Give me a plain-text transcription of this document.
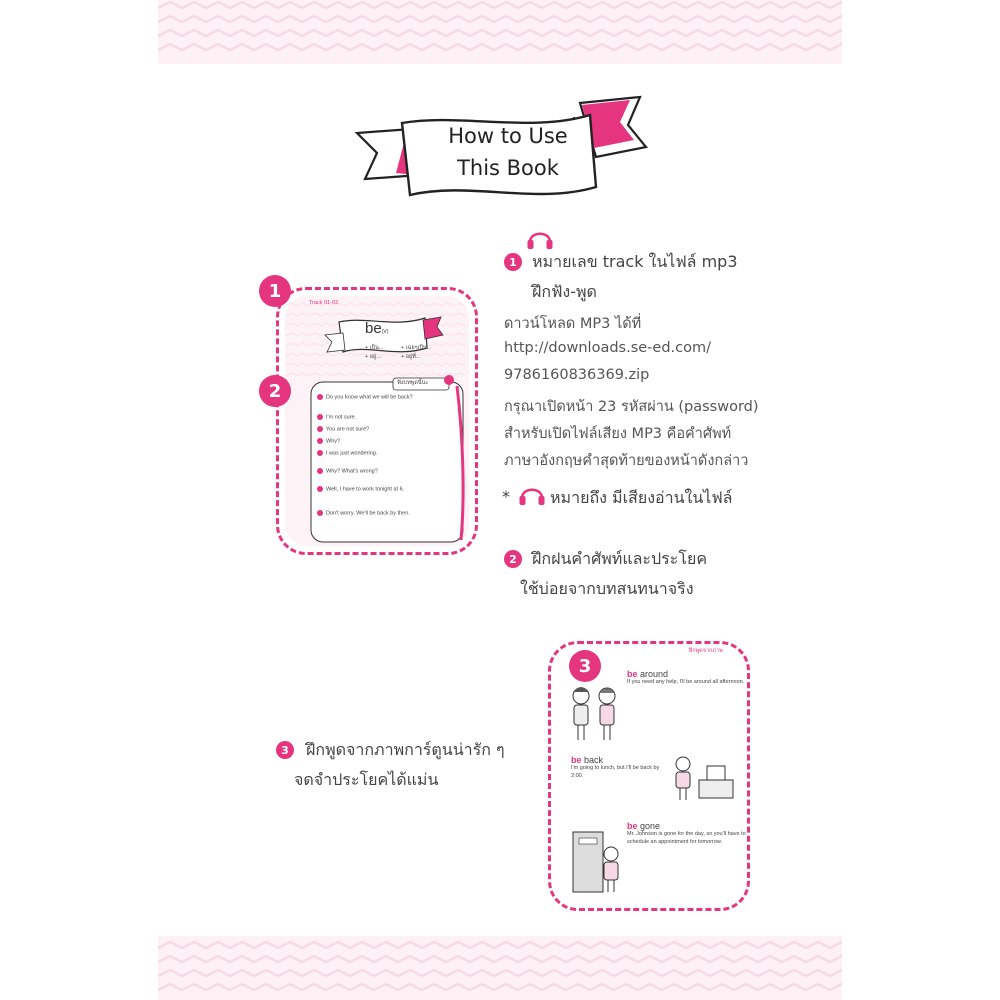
How to Use
This Book
1 หมายเลข track ในไฟล์ mp3
ฝึกฟัง-พูด
ดาวน์โหลด MP3 ได้ที่
http://downloads.se-ed.com/
9786160836369.zip
กรุณาเปิดหน้า 23 รหัสผ่าน (password)
สำหรับเปิดไฟล์เสียง MP3 คือคำศัพท์
ภาษาอังกฤษคำสุดท้ายของหน้าดังกล่าว
*	หมายถึง มีเสียงอ่านในไฟล์
2 ฝึกฝนคำศัพท์และประโยค
ใช้บ่อยจากบทสนทนาจริง
3	ฝึกพูดจากภาพการ์ตูนน่ารัก ๆ
จดจำประโยคได้แม่น
1
2
Track 01-02
be(V)
+ เป็น...	+ เฉยๆเป็น...
+ อยู่...	+ อยู่ที่...
ฟังบทพูดนี้นะ
Do you know what we will be back?
I'm not sure.
You are not sure?
Why?
I was just wondering.
Why? What's wrong?
Well, I have to work tonight at 6.
Don't worry. We'll be back by then.
3
ฝึกพูดจากภาพ
be around
If you need any help, I'll be around all afternoon.
be back
I'm going to lunch, but I'll be back by 2:00.
be gone
Mr. Johnson is gone for the day, so you'll have to schedule an appointment for tomorrow.
